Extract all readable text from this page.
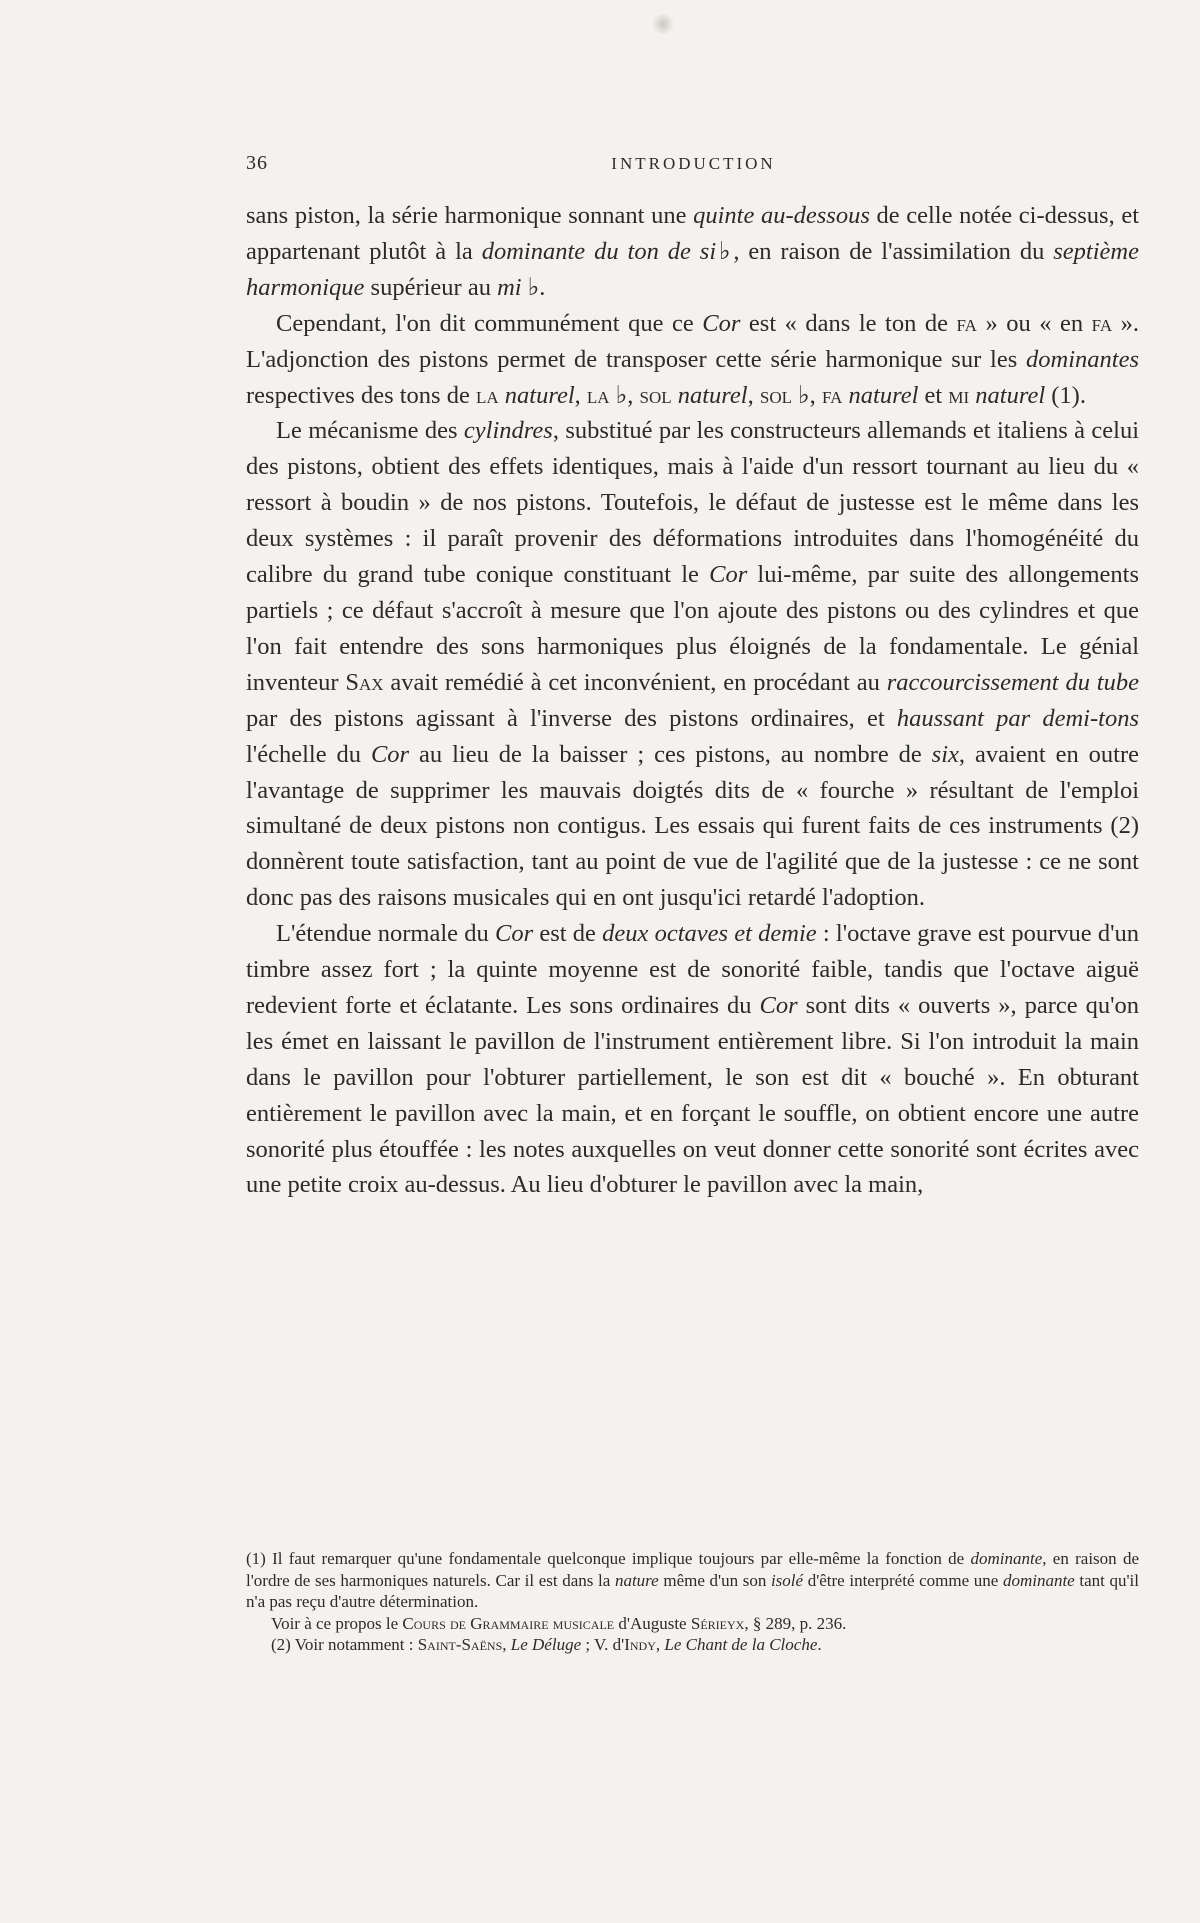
36	INTRODUCTION

sans piston, la série harmonique sonnant une quinte au-dessous de celle notée ci-dessus, et appartenant plutôt à la dominante du ton de si♭, en raison de l'assimilation du septième harmonique supérieur au mi ♭.

Cependant, l'on dit communément que ce Cor est « dans le ton de fa » ou « en fa ». L'adjonction des pistons permet de transposer cette série harmonique sur les dominantes respectives des tons de la naturel, la ♭, sol naturel, sol ♭, fa naturel et mi naturel (1).

Le mécanisme des cylindres, substitué par les constructeurs allemands et italiens à celui des pistons, obtient des effets identiques, mais à l'aide d'un ressort tournant au lieu du « ressort à boudin » de nos pistons. Toutefois, le défaut de justesse est le même dans les deux systèmes : il paraît provenir des déformations introduites dans l'homogénéité du calibre du grand tube conique constituant le Cor lui-même, par suite des allongements partiels ; ce défaut s'accroît à mesure que l'on ajoute des pistons ou des cylindres et que l'on fait entendre des sons harmoniques plus éloignés de la fondamentale. Le génial inventeur Sax avait remédié à cet inconvénient, en procédant au raccourcissement du tube par des pistons agissant à l'inverse des pistons ordinaires, et haussant par demi-tons l'échelle du Cor au lieu de la baisser ; ces pistons, au nombre de six, avaient en outre l'avantage de supprimer les mauvais doigtés dits de « fourche » résultant de l'emploi simultané de deux pistons non contigus. Les essais qui furent faits de ces instruments (2) donnèrent toute satisfaction, tant au point de vue de l'agilité que de la justesse : ce ne sont donc pas des raisons musicales qui en ont jusqu'ici retardé l'adoption.

L'étendue normale du Cor est de deux octaves et demie : l'octave grave est pourvue d'un timbre assez fort ; la quinte moyenne est de sonorité faible, tandis que l'octave aiguë redevient forte et éclatante. Les sons ordinaires du Cor sont dits « ouverts », parce qu'on les émet en laissant le pavillon de l'instrument entièrement libre. Si l'on introduit la main dans le pavillon pour l'obturer partiellement, le son est dit « bouché ». En obturant entièrement le pavillon avec la main, et en forçant le souffle, on obtient encore une autre sonorité plus étouffée : les notes auxquelles on veut donner cette sonorité sont écrites avec une petite croix au-dessus. Au lieu d'obturer le pavillon avec la main,

(1) Il faut remarquer qu'une fondamentale quelconque implique toujours par elle-même la fonction de dominante, en raison de l'ordre de ses harmoniques naturels. Car il est dans la nature même d'un son isolé d'être interprété comme une dominante tant qu'il n'a pas reçu d'autre détermination.

Voir à ce propos le Cours de Grammaire musicale d'Auguste Sérieyx, § 289, p. 236.

(2) Voir notamment : Saint-Saëns, Le Déluge ; V. d'Indy, Le Chant de la Cloche.
